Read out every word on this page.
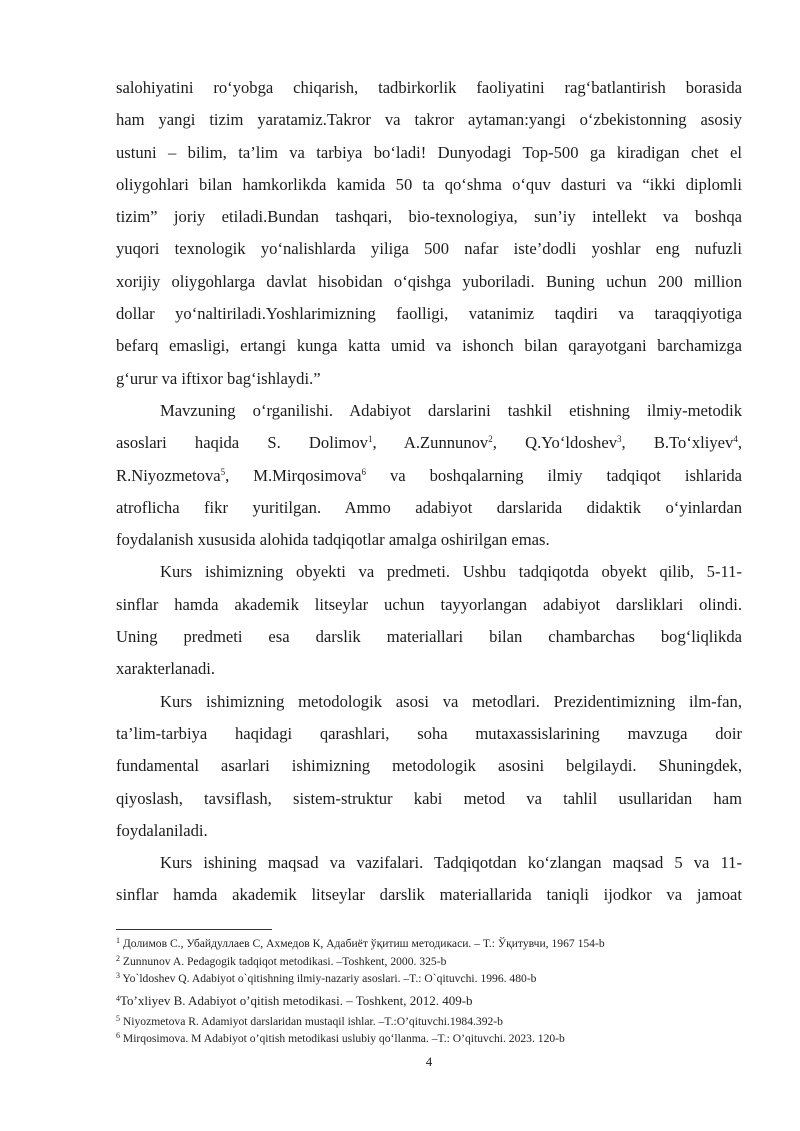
salohiyatini ro‘yobga chiqarish, tadbirkorlik faoliyatini rag‘batlantirish borasida
ham yangi tizim yaratamiz.Takror va takror aytaman:yangi o‘zbekistonning asosiy
ustuni – bilim, ta’lim va tarbiya bo‘ladi! Dunyodagi Top-500 ga kiradigan chet el
oliygohlari bilan hamkorlikda kamida 50 ta qo‘shma o‘quv dasturi va “ikki diplomli
tizim” joriy etiladi.Bundan tashqari, bio-texnologiya, sun’iy intellekt va boshqa
yuqori texnologik yo‘nalishlarda yiliga 500 nafar iste’dodli yoshlar eng nufuzli
xorijiy oliygohlarga davlat hisobidan o‘qishga yuboriladi. Buning uchun 200 million
dollar yo‘naltiriladi.Yoshlarimizning faolligi, vatanimiz taqdiri va taraqqiyotiga
befarq emasligi, ertangi kunga katta umid va ishonch bilan qarayotgani barchamizga
g‘urur va iftixor bag‘ishlaydi.”
Mavzuning o‘rganilishi. Adabiyot darslarini tashkil etishning ilmiy-metodik
asoslari haqida S. Dolimov$^1$, A.Zunnunov$^2$, Q.Yo‘ldoshev$^3$, B.To‘xliyev$^4$,
R.Niyozmetova$^5$, M.Mirqosimova$^6$ va boshqalarning ilmiy tadqiqot ishlarida
atroflicha fikr yuritilgan. Ammo adabiyot darslarida didaktik o‘yinlardan
foydalanish xususida alohida tadqiqotlar amalga oshirilgan emas.
Kurs ishimizning obyekti va predmeti. Ushbu tadqiqotda obyekt qilib, 5-11-
sinflar hamda akademik litseylar uchun tayyorlangan adabiyot darsliklari olindi.
Uning predmeti esa darslik materiallari bilan chambarchas bog‘liqlikda
xarakterlanadi.
Kurs ishimizning metodologik asosi va metodlari. Prezidentimizning ilm-fan,
ta’lim-tarbiya haqidagi qarashlari, soha mutaxassislarining mavzuga doir
fundamental asarlari ishimizning metodologik asosini belgilaydi. Shuningdek,
qiyoslash, tavsiflash, sistem-struktur kabi metod va tahlil usullaridan ham
foydalaniladi.
Kurs ishining maqsad va vazifalari. Tadqiqotdan ko‘zlangan maqsad 5 va 11-
sinflar hamda akademik litseylar darslik materiallarida taniqli ijodkor va jamoat
$^1$ Долимов С., Убайдуллаев С, Ахмедов К, Адабиёт ўқитиш методикаси. – Т.: Ўқитувчи, 1967 154-b
$^2$ Zunnunov A. Pedagogik tadqiqot metodikasi. –Toshkent, 2000. 325-b
$^3$ Yo`ldoshev Q. Adabiyot o`qitishning ilmiy-nazariy asoslari. –T.: O`qituvchi. 1996. 480-b
$^4$To’xliyev B. Adabiyot o’qitish metodikasi. – Toshkent, 2012. 409-b
$^5$ Niyozmetova R. Adamiyot darslaridan mustaqil ishlar. –T.:O’qituvchi.1984.392-b
$^6$ Mirqosimova. M Adabiyot o’qitish metodikasi uslubiy qo‘llanma. –T.: O’qituvchi. 2023. 120-b
4
